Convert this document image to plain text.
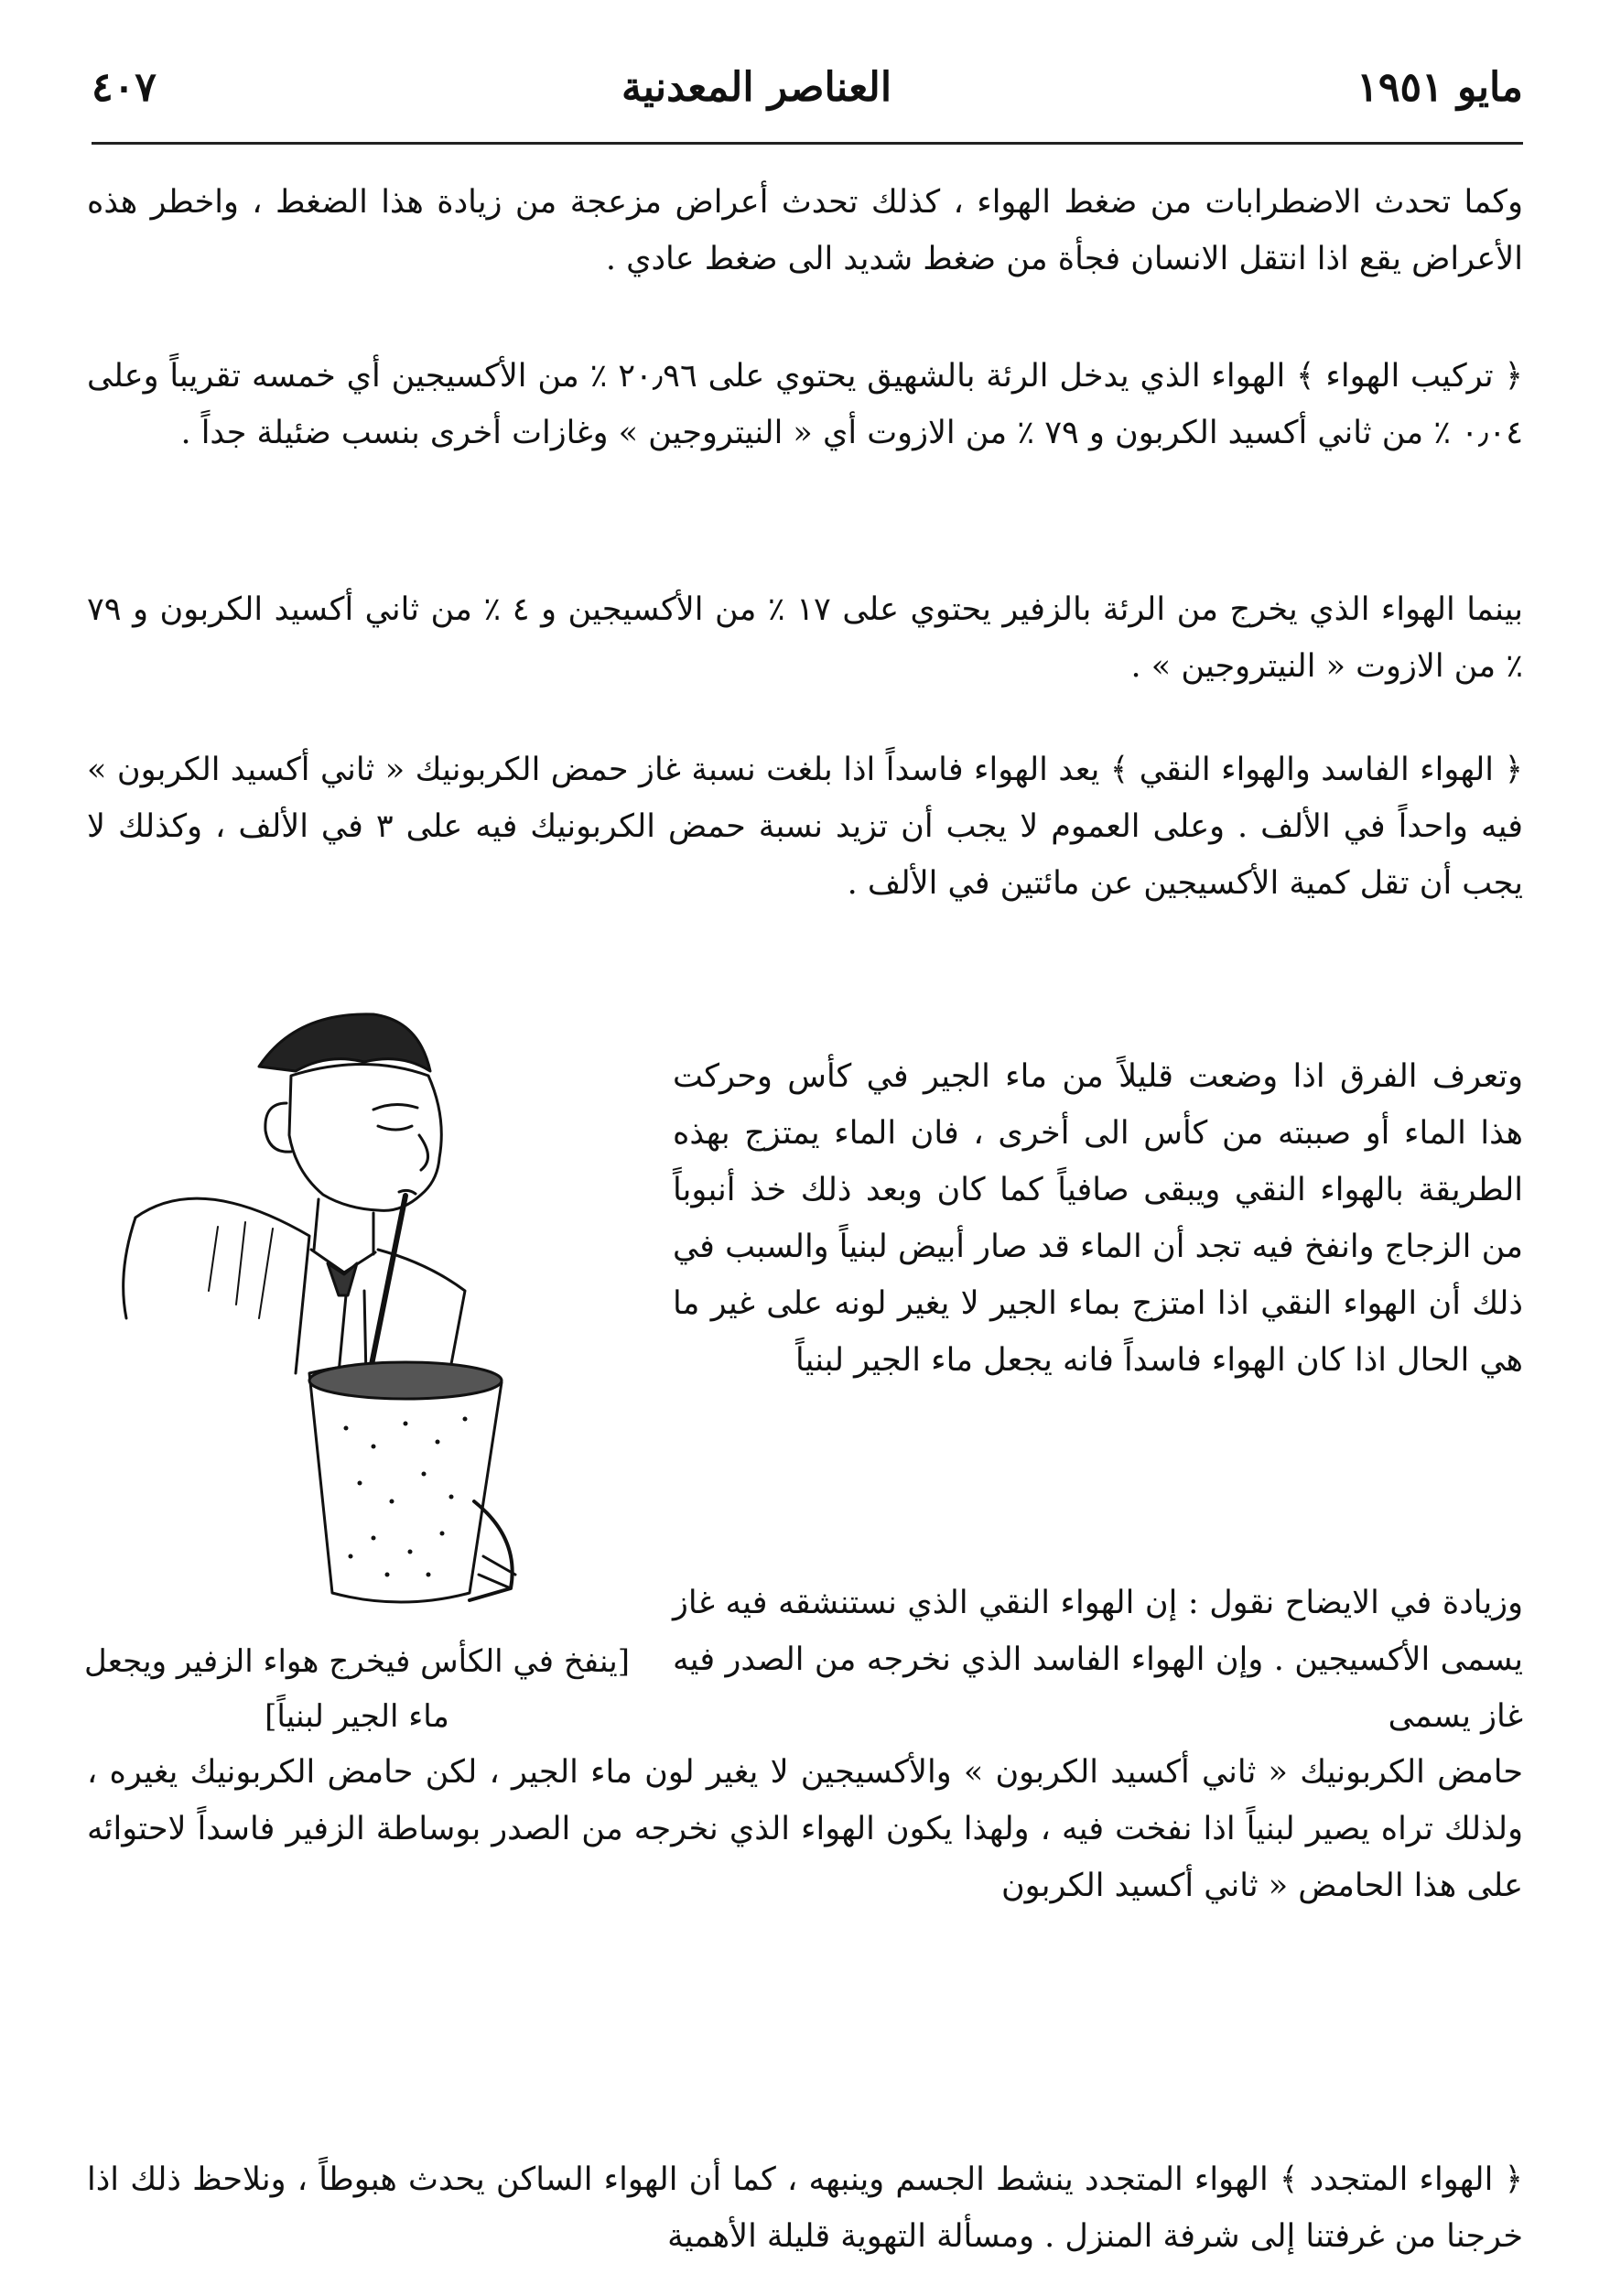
مايو ١٩٥١
العناصر المعدنية
٤٠٧

وكما تحدث الاضطرابات من ضغط الهواء ، كذلك تحدث أعراض مزعجة من زيادة هذا الضغط ، واخطر هذه الأعراض يقع اذا انتقل الانسان فجأة من ضغط شديد الى ضغط عادي .

﴿ تركيب الهواء ﴾ الهواء الذي يدخل الرئة بالشهيق يحتوي على ٢٠٫٩٦ ٪ من الأكسيجين أي خمسه تقريباً وعلى ٠٫٠٤ ٪ من ثاني أكسيد الكربون و ٧٩ ٪ من الازوت أي « النيتروجين » وغازات أخرى بنسب ضئيلة جداً .

بينما الهواء الذي يخرج من الرئة بالزفير يحتوي على ١٧ ٪ من الأكسيجين و ٤ ٪ من ثاني أكسيد الكربون و ٧٩ ٪ من الازوت « النيتروجين » .

﴿ الهواء الفاسد والهواء النقي ﴾ يعد الهواء فاسداً اذا بلغت نسبة غاز حمض الكربونيك « ثاني أكسيد الكربون » فيه واحداً في الألف . وعلى العموم لا يجب أن تزيد نسبة حمض الكربونيك فيه على ٣ في الألف ، وكذلك لا يجب أن تقل كمية الأكسيجين عن مائتين في الألف .

وتعرف الفرق اذا وضعت قليلاً من ماء الجير في كأس وحركت هذا الماء أو صببته من كأس الى أخرى ، فان الماء يمتزج بهذه الطريقة بالهواء النقي ويبقى صافياً كما كان وبعد ذلك خذ أنبوباً من الزجاج وانفخ فيه تجد أن الماء قد صار أبيض لبنياً والسبب في ذلك أن الهواء النقي اذا امتزج بماء الجير لا يغير لونه على غير ما هي الحال اذا كان الهواء فاسداً فانه يجعل ماء الجير لبنياً

وزيادة في الايضاح نقول : إن الهواء النقي الذي نستنشقه فيه غاز يسمى الأكسيجين . وإن الهواء الفاسد الذي نخرجه من الصدر فيه غاز يسمى

[ينفخ في الكأس فيخرج هواء الزفير ويجعل ماء الجير لبنياً]

حامض الكربونيك « ثاني أكسيد الكربون » والأكسيجين لا يغير لون ماء الجير ، لكن حامض الكربونيك يغيره ، ولذلك تراه يصير لبنياً اذا نفخت فيه ، ولهذا يكون الهواء الذي نخرجه من الصدر بوساطة الزفير فاسداً لاحتوائه على هذا الحامض « ثاني أكسيد الكربون

﴿ الهواء المتجدد ﴾ الهواء المتجدد ينشط الجسم وينبهه ، كما أن الهواء الساكن يحدث هبوطاً ، ونلاحظ ذلك اذا خرجنا من غرفتنا إلى شرفة المنزل . ومسألة التهوية قليلة الأهمية
